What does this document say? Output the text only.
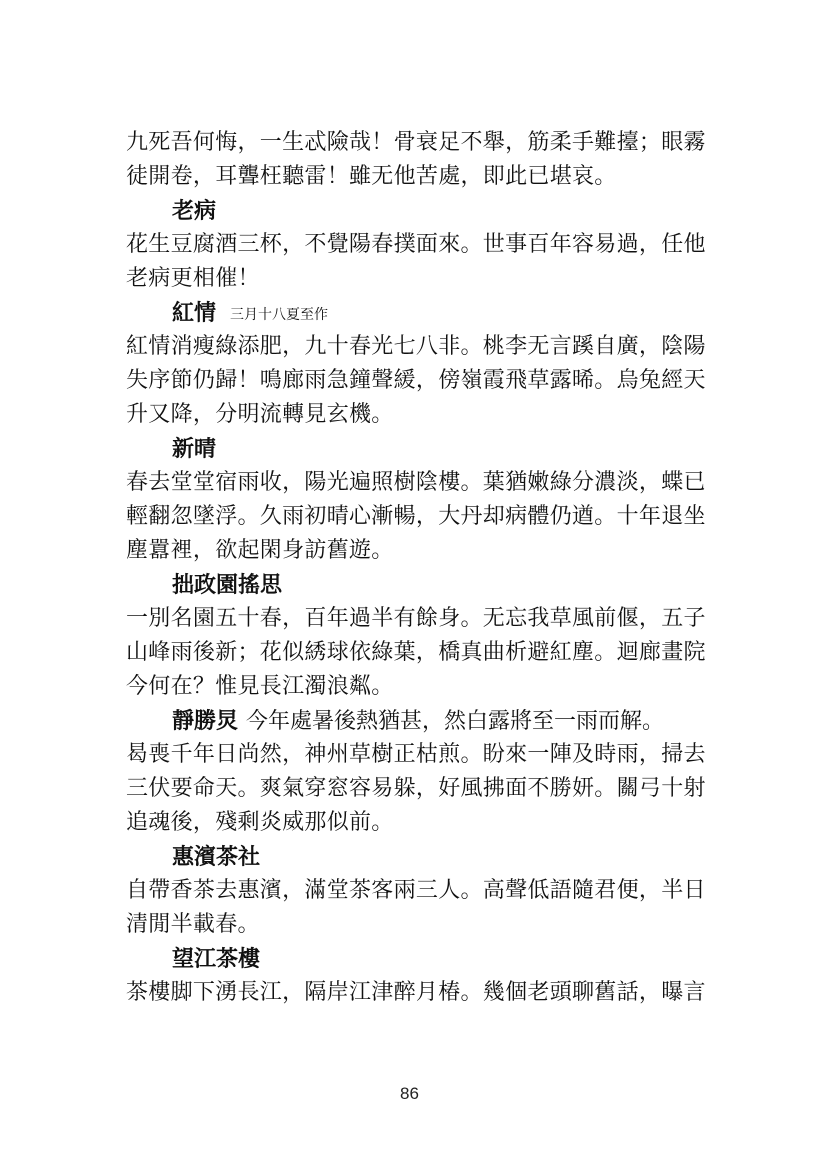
九死吾何悔，一生忒險哉！骨衰足不舉，筋柔手難擡；眼霧
徒開卷，耳聾枉聽雷！雖无他苦處，即此已堪哀。
老病
花生豆腐酒三杯，不覺陽春撲面來。世事百年容易過，任他
老病更相催！
紅情 三月十八夏至作
紅情消瘦綠添肥，九十春光七八非。桃李无言蹊自廣，陰陽
失序節仍歸！鳴廊雨急鐘聲緩，傍嶺霞飛草露晞。烏兔經天
升又降，分明流轉見玄機。
新晴
春去堂堂宿雨收，陽光遍照樹陰樓。葉猶嫩綠分濃淡，蝶已
輕翻忽墜浮。久雨初晴心漸暢，大丹却病體仍遒。十年退坐
塵囂裡，欲起閑身訪舊遊。
拙政園搖思
一別名園五十春，百年過半有餘身。无忘我草風前偃，五子
山峰雨後新；花似綉球依綠葉，橋真曲析避紅塵。迴廊畫院
今何在？惟見長江濁浪粼。
靜勝炅 今年處暑後熱猶甚，然白露將至一雨而解。
曷喪千年日尚然，神州草樹正枯煎。盼來一陣及時雨，掃去
三伏要命天。爽氣穿窓容易躲，好風拂面不勝妍。關弓十射
追魂後，殘剩炎威那似前。
惠濱茶社
自帶香茶去惠濱，滿堂茶客兩三人。高聲低語隨君便，半日
清閒半載春。
望江茶樓
茶樓脚下湧長江，隔岸江津醉月椿。幾個老頭聊舊話，曝言
86
